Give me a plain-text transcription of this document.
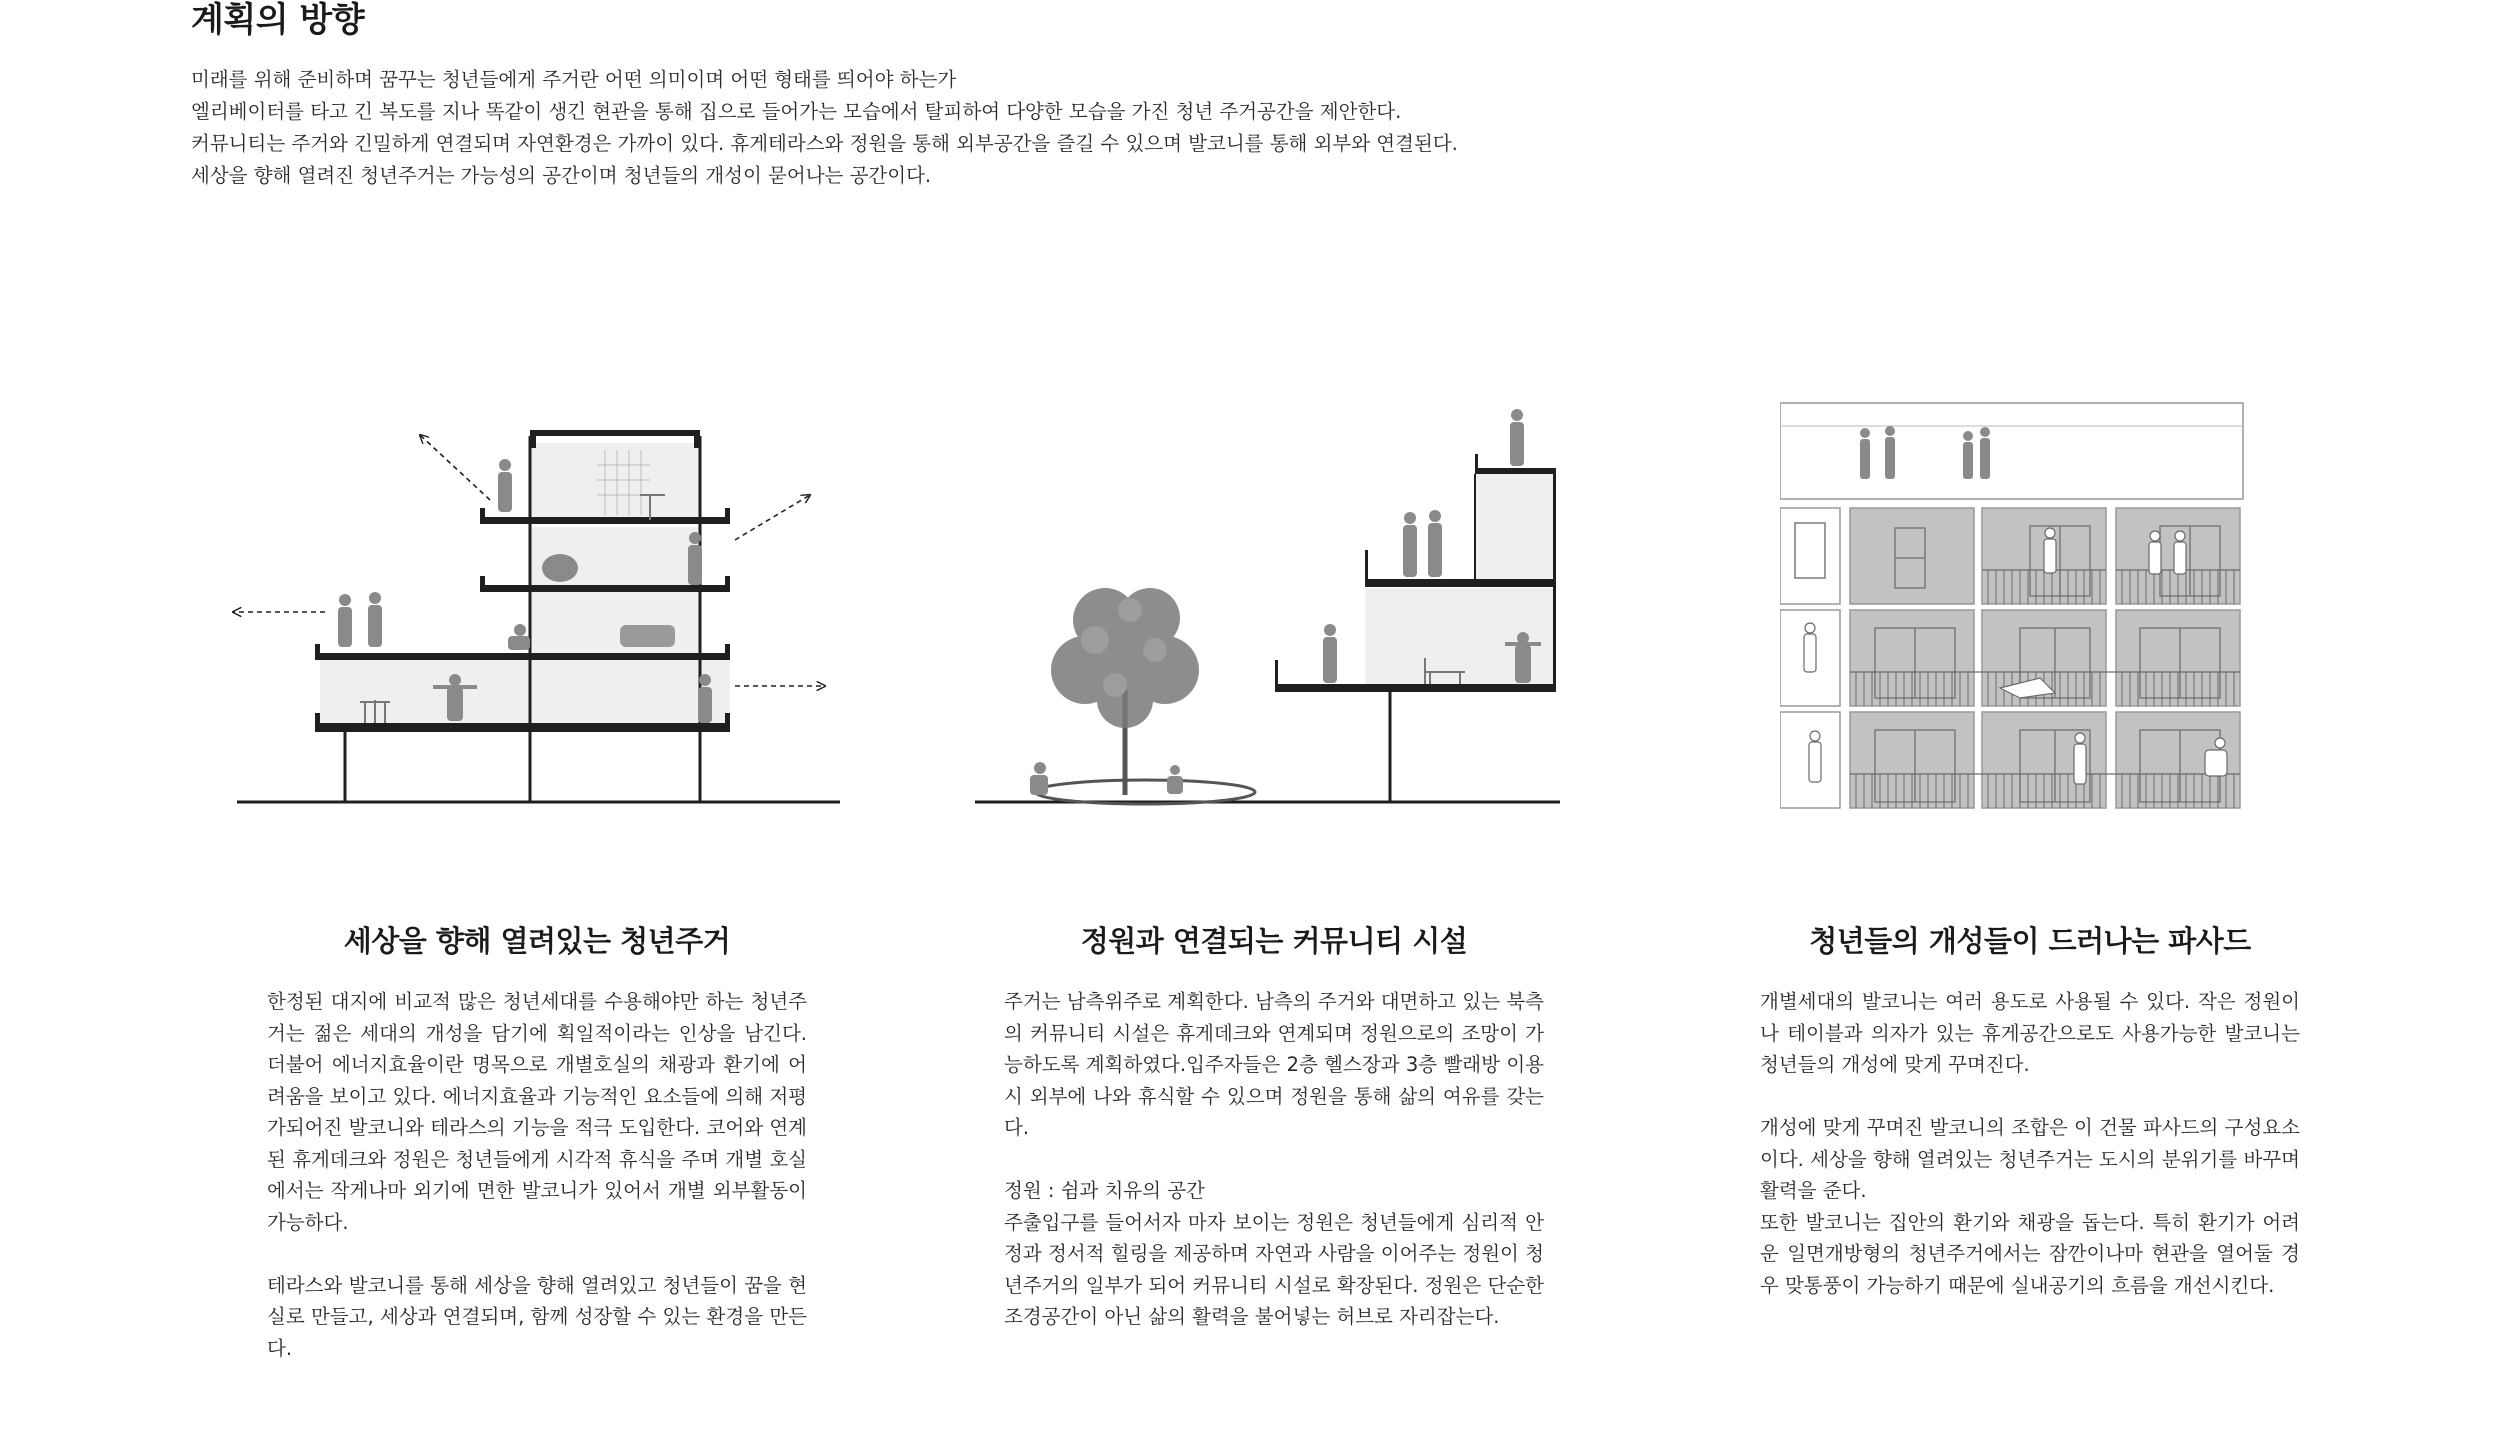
계획의 방향
미래를 위해 준비하며 꿈꾸는 청년들에게 주거란 어떤 의미이며 어떤 형태를 띄어야 하는가
엘리베이터를 타고 긴 복도를 지나 똑같이 생긴 현관을 통해 집으로 들어가는 모습에서 탈피하여 다양한 모습을 가진 청년 주거공간을 제안한다.
커뮤니티는 주거와 긴밀하게 연결되며 자연환경은 가까이 있다. 휴게테라스와 정원을 통해 외부공간을 즐길 수 있으며 발코니를 통해 외부와 연결된다.
세상을 향해 열려진 청년주거는 가능성의 공간이며 청년들의 개성이 묻어나는 공간이다.
세상을 향해 열려있는 청년주거

한정된 대지에 비교적 많은 청년세대를 수용해야만 하는 청년주거는 젊은 세대의 개성을 담기에 획일적이라는 인상을 남긴다. 더불어 에너지효율이란 명목으로 개별호실의 채광과 환기에 어려움을 보이고 있다. 에너지효율과 기능적인 요소들에 의해 저평가되어진 발코니와 테라스의 기능을 적극 도입한다. 코어와 연계된 휴게데크와 정원은 청년들에게 시각적 휴식을 주며 개별 호실에서는 작게나마 외기에 면한 발코니가 있어서 개별 외부활동이 가능하다.

테라스와 발코니를 통해 세상을 향해 열려있고 청년들이 꿈을 현실로 만들고, 세상과 연결되며, 함께 성장할 수 있는 환경을 만든다.

정원과 연결되는 커뮤니티 시설

주거는 남측위주로 계획한다. 남측의 주거와 대면하고 있는 북측의 커뮤니티 시설은 휴게데크와 연계되며 정원으로의 조망이 가능하도록 계획하였다.입주자들은 2층 헬스장과 3층 빨래방 이용시 외부에 나와 휴식할 수 있으며 정원을 통해 삶의 여유를 갖는다.

정원 : 쉼과 치유의 공간

주출입구를 들어서자 마자 보이는 정원은 청년들에게 심리적 안정과 정서적 힐링을 제공하며 자연과 사람을 이어주는 정원이 청년주거의 일부가 되어 커뮤니티 시설로 확장된다. 정원은 단순한 조경공간이 아닌 삶의 활력을 불어넣는 허브로 자리잡는다.

청년들의 개성들이 드러나는 파사드

개별세대의 발코니는 여러 용도로 사용될 수 있다. 작은 정원이나 테이블과 의자가 있는 휴게공간으로도 사용가능한 발코니는 청년들의 개성에 맞게 꾸며진다.

개성에 맞게 꾸며진 발코니의 조합은 이 건물 파사드의 구성요소이다. 세상을 향해 열려있는 청년주거는 도시의 분위기를 바꾸며 활력을 준다.

또한 발코니는 집안의 환기와 채광을 돕는다. 특히 환기가 어려운 일면개방형의 청년주거에서는 잠깐이나마 현관을 열어둘 경우 맞통풍이 가능하기 때문에 실내공기의 흐름을 개선시킨다.
